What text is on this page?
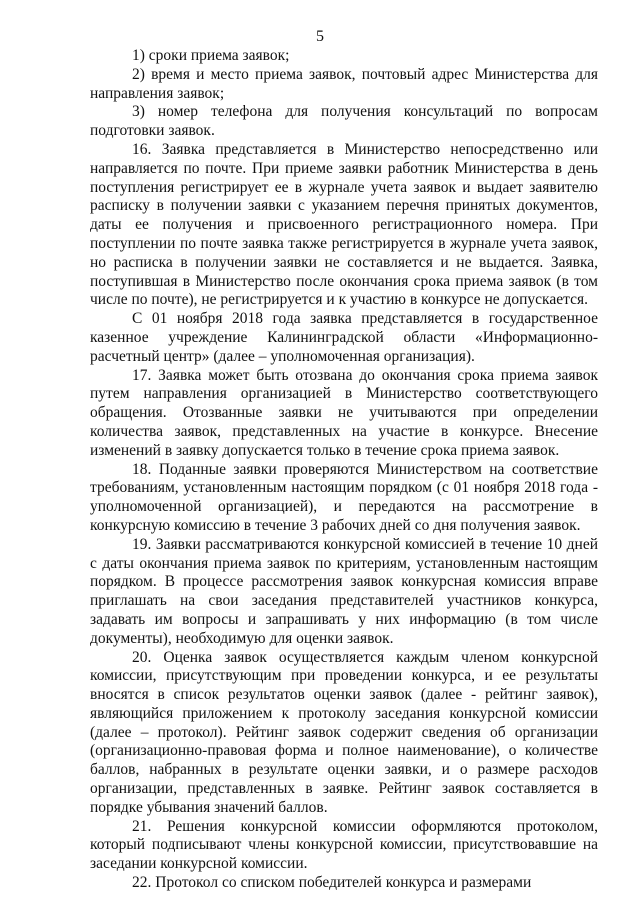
5

1) сроки приема заявок;

2) время и место приема заявок, почтовый адрес Министерства для направления заявок;

3) номер телефона для получения консультаций по вопросам подготовки заявок.

16. Заявка представляется в Министерство непосредственно или направляется по почте. При приеме заявки работник Министерства в день поступления регистрирует ее в журнале учета заявок и выдает заявителю расписку в получении заявки с указанием перечня принятых документов, даты ее получения и присвоенного регистрационного номера. При поступлении по почте заявка также регистрируется в журнале учета заявок, но расписка в получении заявки не составляется и не выдается. Заявка, поступившая в Министерство после окончания срока приема заявок (в том числе по почте), не регистрируется и к участию в конкурсе не допускается.

С 01 ноября 2018 года заявка представляется в государственное казенное учреждение Калининградской области «Информационно-расчетный центр» (далее – уполномоченная организация).

17. Заявка может быть отозвана до окончания срока приема заявок путем направления организацией в Министерство соответствующего обращения. Отозванные заявки не учитываются при определении количества заявок, представленных на участие в конкурсе. Внесение изменений в заявку допускается только в течение срока приема заявок.

18. Поданные заявки проверяются Министерством на соответствие требованиям, установленным настоящим порядком (с 01 ноября 2018 года - уполномоченной организацией), и передаются на рассмотрение в конкурсную комиссию в течение 3 рабочих дней со дня получения заявок.

19. Заявки рассматриваются конкурсной комиссией в течение 10 дней с даты окончания приема заявок по критериям, установленным настоящим порядком. В процессе рассмотрения заявок конкурсная комиссия вправе приглашать на свои заседания представителей участников конкурса, задавать им вопросы и запрашивать у них информацию (в том числе документы), необходимую для оценки заявок.

20. Оценка заявок осуществляется каждым членом конкурсной комиссии, присутствующим при проведении конкурса, и ее результаты вносятся в список результатов оценки заявок (далее - рейтинг заявок), являющийся приложением к протоколу заседания конкурсной комиссии (далее – протокол). Рейтинг заявок содержит сведения об организации (организационно-правовая форма и полное наименование), о количестве баллов, набранных в результате оценки заявки, и о размере расходов организации, представленных в заявке. Рейтинг заявок составляется в порядке убывания значений баллов.

21. Решения конкурсной комиссии оформляются протоколом, который подписывают члены конкурсной комиссии, присутствовавшие на заседании конкурсной комиссии.

22. Протокол со списком победителей конкурса и размерами
